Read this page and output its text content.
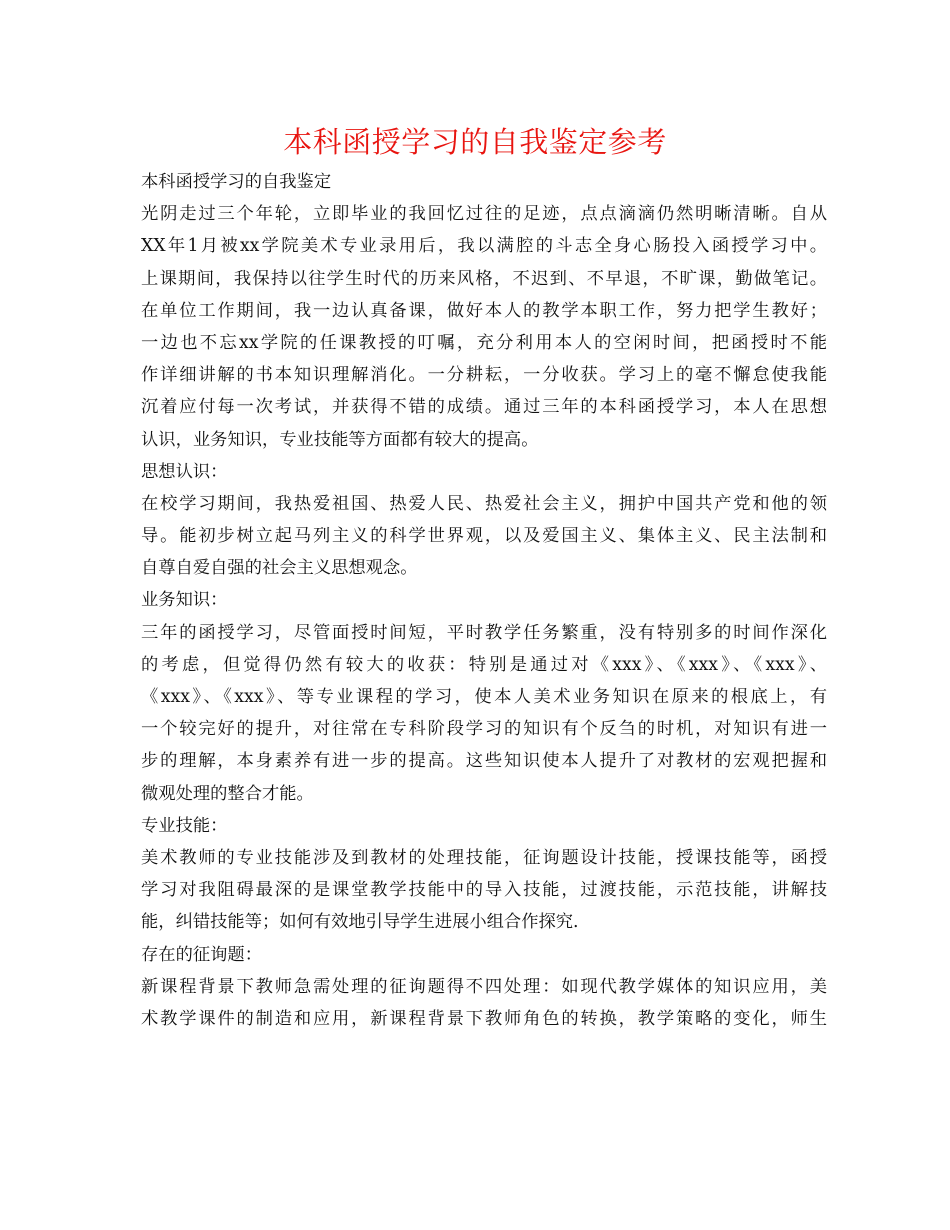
本科函授学习的自我鉴定参考
本科函授学习的自我鉴定
光阴走过三个年轮，立即毕业的我回忆过往的足迹，点点滴滴仍然明晰清晰。自从
XX年1月被xx学院美术专业录用后，我以满腔的斗志全身心肠投入函授学习中。
上课期间，我保持以往学生时代的历来风格，不迟到、不早退，不旷课，勤做笔记。
在单位工作期间，我一边认真备课，做好本人的教学本职工作，努力把学生教好；
一边也不忘xx学院的任课教授的叮嘱，充分利用本人的空闲时间，把函授时不能
作详细讲解的书本知识理解消化。一分耕耘，一分收获。学习上的毫不懈怠使我能
沉着应付每一次考试，并获得不错的成绩。通过三年的本科函授学习，本人在思想
认识，业务知识，专业技能等方面都有较大的提高。
思想认识：
在校学习期间，我热爱祖国、热爱人民、热爱社会主义，拥护中国共产党和他的领
导。能初步树立起马列主义的科学世界观，以及爱国主义、集体主义、民主法制和
自尊自爱自强的社会主义思想观念。
业务知识：
三年的函授学习，尽管面授时间短，平时教学任务繁重，没有特别多的时间作深化
的考虑，但觉得仍然有较大的收获：特别是通过对《xxx》、《xxx》、《xxx》、
《xxx》、《xxx》、等专业课程的学习，使本人美术业务知识在原来的根底上，有
一个较完好的提升，对往常在专科阶段学习的知识有个反刍的时机，对知识有进一
步的理解，本身素养有进一步的提高。这些知识使本人提升了对教材的宏观把握和
微观处理的整合才能。
专业技能：
美术教师的专业技能涉及到教材的处理技能，征询题设计技能，授课技能等，函授
学习对我阻碍最深的是课堂教学技能中的导入技能，过渡技能，示范技能，讲解技
能，纠错技能等；如何有效地引导学生进展小组合作探究.
存在的征询题：
新课程背景下教师急需处理的征询题得不四处理：如现代教学媒体的知识应用，美
术教学课件的制造和应用，新课程背景下教师角色的转换，教学策略的变化，师生
